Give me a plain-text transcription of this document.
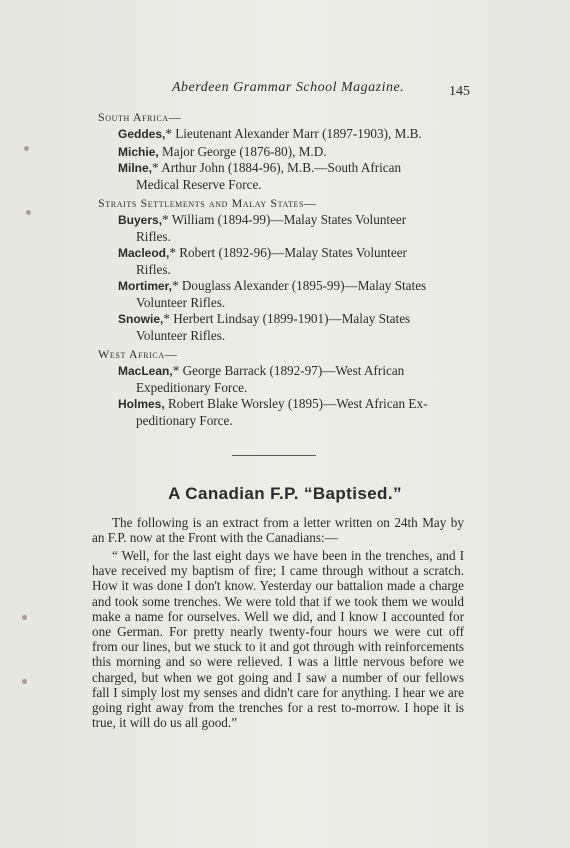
Aberdeen Grammar School Magazine.	145
South Africa—
Geddes,* Lieutenant Alexander Marr (1897-1903), M.B.
Michie, Major George (1876-80), M.D.
Milne,* Arthur John (1884-96), M.B.—South African
Medical Reserve Force.
Straits Settlements and Malay States—
Buyers,* William (1894-99)—Malay States Volunteer
Rifles.
Macleod,* Robert (1892-96)—Malay States Volunteer
Rifles.
Mortimer,* Douglass Alexander (1895-99)—Malay States
Volunteer Rifles.
Snowie,* Herbert Lindsay (1899-1901)—Malay States
Volunteer Rifles.
West Africa—
MacLean,* George Barrack (1892-97)—West African
Expeditionary Force.
Holmes, Robert Blake Worsley (1895)—West African Ex-
peditionary Force.
A Canadian F.P. “Baptised.”
The following is an extract from a letter written on 24th May by an F.P. now at the Front with the Canadians:—
“ Well, for the last eight days we have been in the trenches, and I have received my baptism of fire; I came through without a scratch. How it was done I don't know. Yesterday our battalion made a charge and took some trenches. We were told that if we took them we would make a name for ourselves. Well we did, and I know I accounted for one German. For pretty nearly twenty-four hours we were cut off from our lines, but we stuck to it and got through with reinforcements this morning and so were relieved. I was a little nervous before we charged, but when we got going and I saw a number of our fellows fall I simply lost my senses and didn't care for anything. I hear we are going right away from the trenches for a rest to-morrow. I hope it is true, it will do us all good.”
